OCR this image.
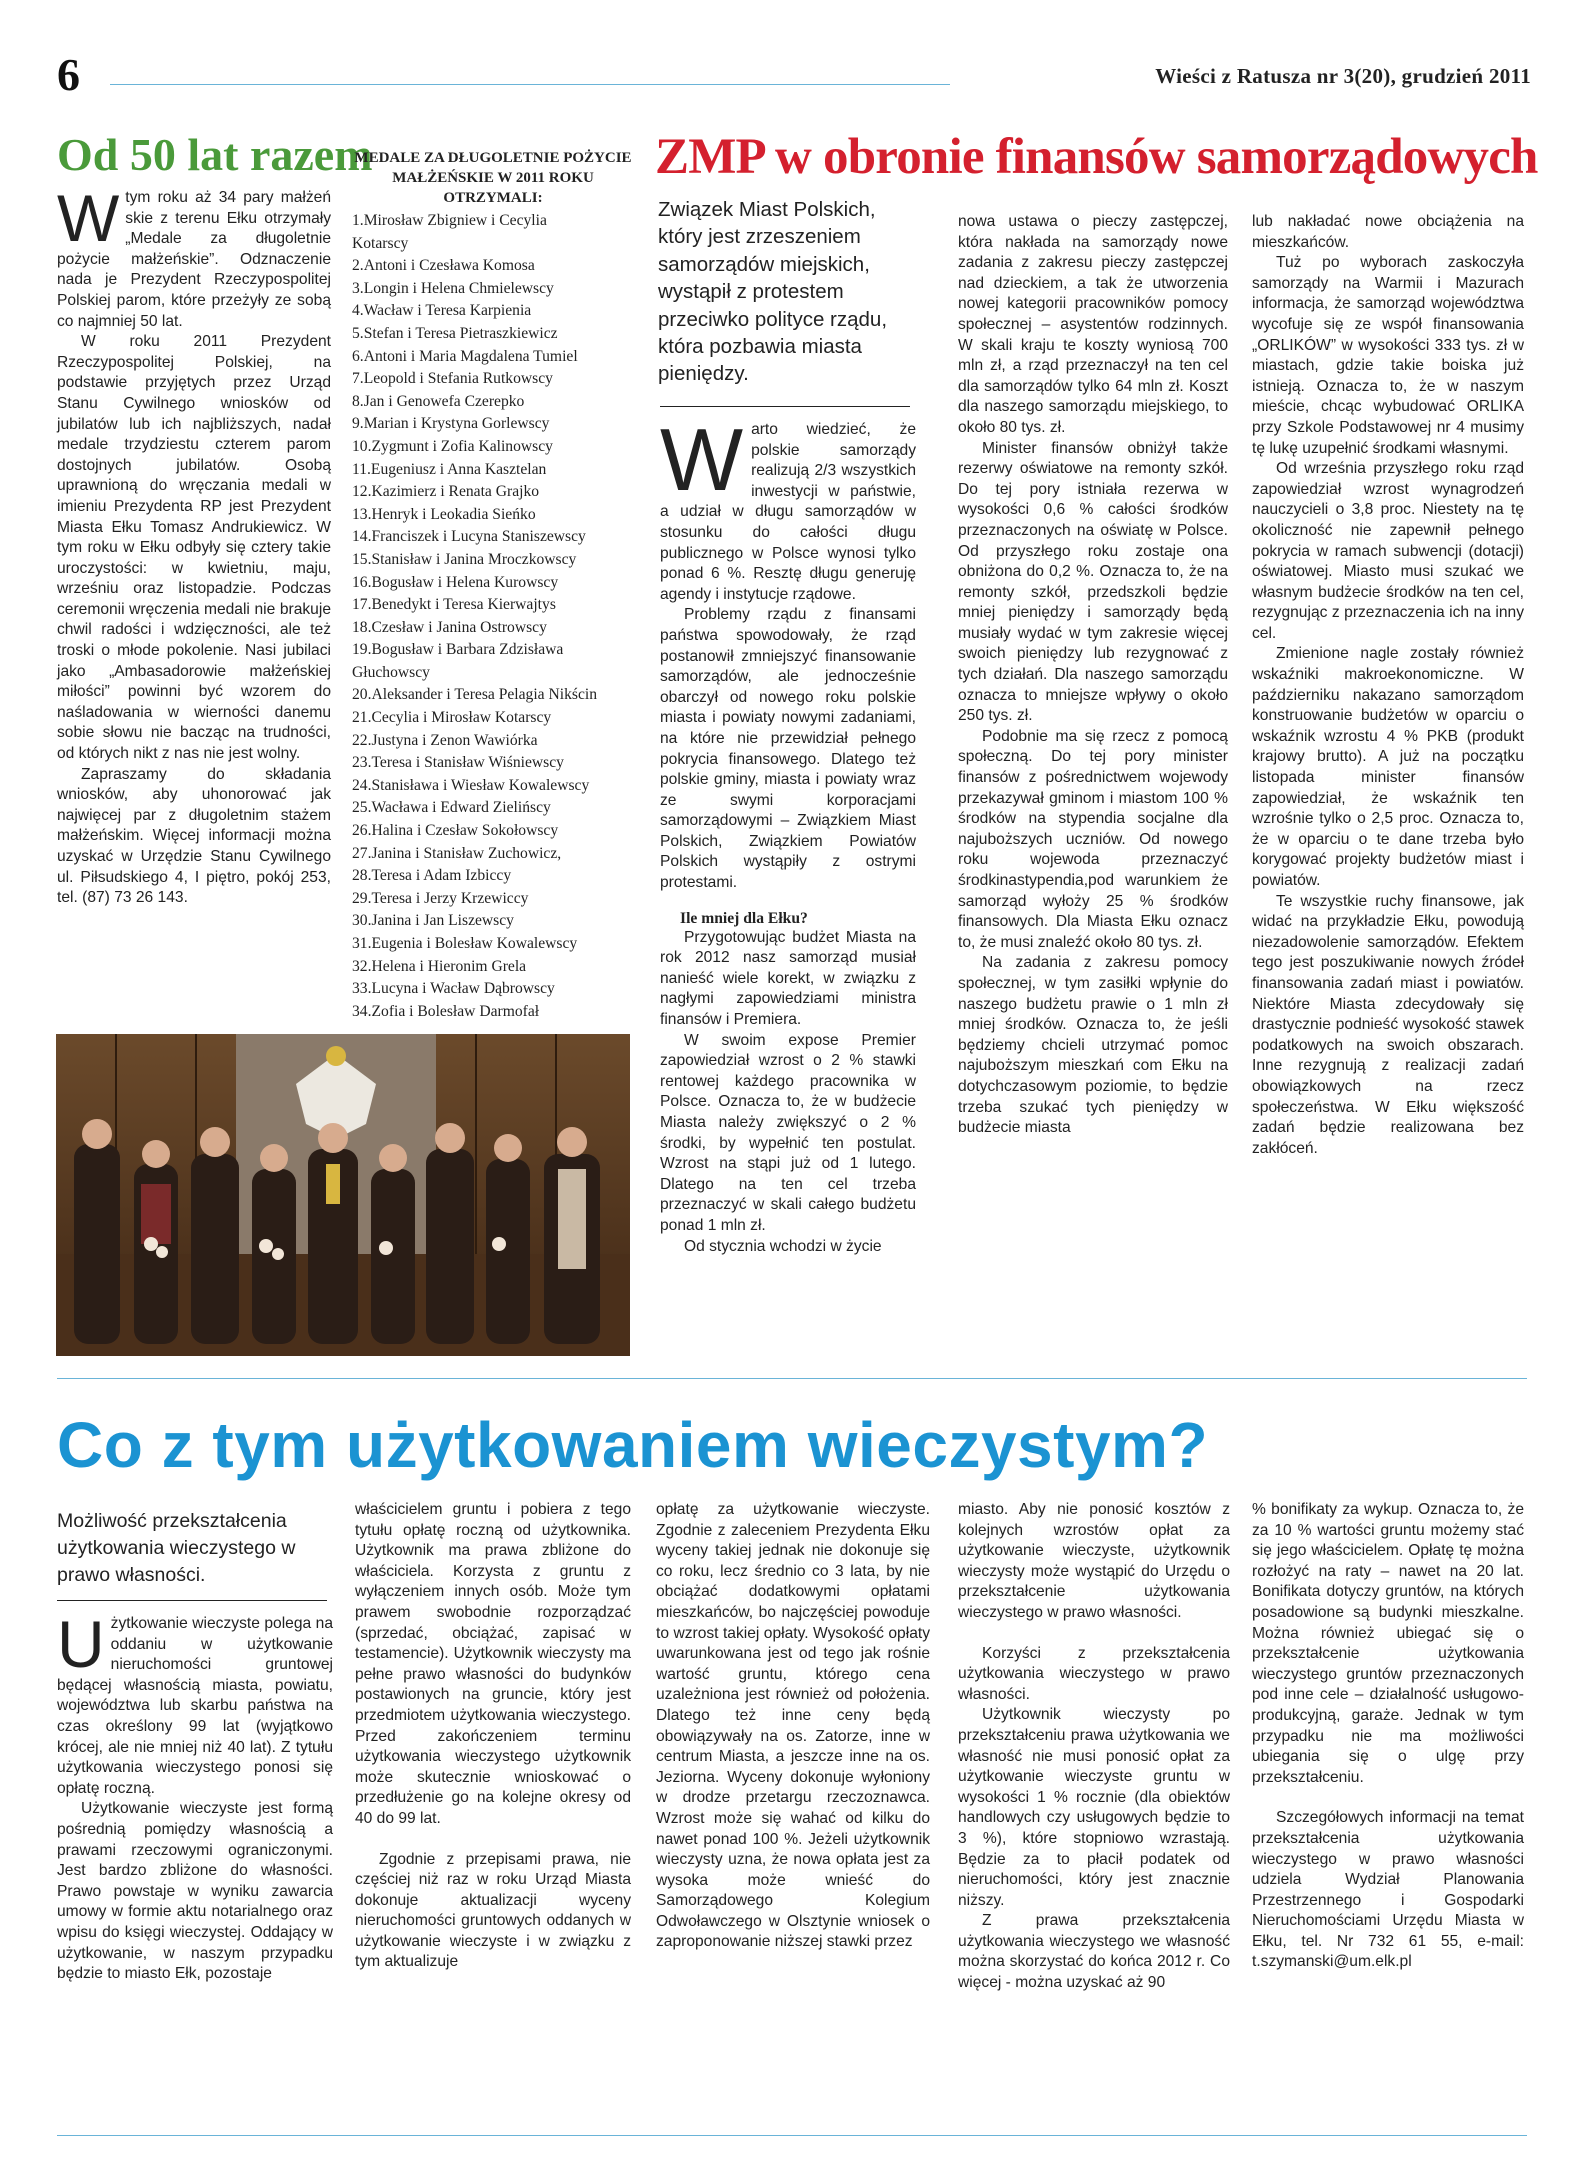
6	Wieści z Ratusza nr 3(20), grudzień 2011
Od 50 lat razem

Wtym roku aż 34 pary małżeń skie z terenu Ełku otrzymały „Medale za długoletnie pożycie małżeńskie”. Odznaczenie nada je Prezydent Rzeczypospolitej Polskiej parom, które przeżyły ze sobą co najmniej 50 lat.

W roku 2011 Prezydent Rzeczypospolitej Polskiej, na podstawie przyjętych przez Urząd Stanu Cywilnego wniosków od jubilatów lub ich najbliższych, nadał medale trzydziestu czterem parom dostojnych jubilatów. Osobą uprawnioną do wręczania medali w imieniu Prezydenta RP jest Prezydent Miasta Ełku Tomasz Andrukiewicz. W tym roku w Ełku odbyły się cztery takie uroczystości: w kwietniu, maju, wrześniu oraz listopadzie. Podczas ceremonii wręczenia medali nie brakuje chwil radości i wdzięczności, ale też troski o młode pokolenie. Nasi jubilaci jako „Ambasadorowie małżeńskiej miłości” powinni być wzorem do naśladowania w wierności danemu sobie słowu nie bacząc na trudności, od których nikt z nas nie jest wolny.

Zapraszamy do składania wniosków, aby uhonorować jak najwięcej par z długoletnim stażem małżeńskim. Więcej informacji można uzyskać w Urzędzie Stanu Cywilnego ul. Piłsudskiego 4, I piętro, pokój 253, tel. (87) 73 26 143.

MEDALE ZA DŁUGOLETNIE POŻYCIE MAŁŻEŃSKIE W 2011 ROKU OTRZYMALI:
1.Mirosław Zbigniew i Cecylia
Kotarscy
2.Antoni i Czesława Komosa
3.Longin i Helena Chmielewscy
4.Wacław i Teresa Karpienia
5.Stefan i Teresa Pietraszkiewicz
6.Antoni i Maria Magdalena Tumiel
7.Leopold i Stefania Rutkowscy
8.Jan i Genowefa Czerepko
9.Marian i Krystyna Gorlewscy
10.Zygmunt i Zofia Kalinowscy
11.Eugeniusz i Anna Kasztelan
12.Kazimierz i Renata Grajko
13.Henryk i Leokadia Sieńko
14.Franciszek i Lucyna Staniszewscy
15.Stanisław i Janina Mroczkowscy
16.Bogusław i Helena Kurowscy
17.Benedykt i Teresa Kierwajtys
18.Czesław i Janina Ostrowscy
19.Bogusław i Barbara Zdzisława
Głuchowscy
20.Aleksander i Teresa Pelagia Nikścin
21.Cecylia i Mirosław Kotarscy
22.Justyna i Zenon Wawiórka
23.Teresa i Stanisław Wiśniewscy
24.Stanisława i Wiesław Kowalewscy
25.Wacława i Edward Zielińscy
26.Halina i Czesław Sokołowscy
27.Janina i Stanisław Zuchowicz,
28.Teresa i Adam Izbiccy
29.Teresa i Jerzy Krzewiccy
30.Janina i Jan Liszewscy
31.Eugenia i Bolesław Kowalewscy
32.Helena i Hieronim Grela
33.Lucyna i Wacław Dąbrowscy
34.Zofia i Bolesław Darmofał
ZMP w obronie finansów samorządowych
Związek Miast Polskich, który jest zrzeszeniem samorządów miejskich, wystąpił z protestem przeciwko polityce rządu, która pozbawia miasta pieniędzy.

Warto wiedzieć, że polskie samorządy realizują 2/3 wszystkich inwestycji w państwie, a udział w długu samorządów w stosunku do całości długu publicznego w Polsce wynosi tylko ponad 6 %. Resztę długu generuję agendy i instytucje rządowe.

Problemy rządu z finansami państwa spowodowały, że rząd postanowił zmniejszyć finansowanie samorządów, ale jednocześnie obarczył od nowego roku polskie miasta i powiaty nowymi zadaniami, na które nie przewidział pełnego pokrycia finansowego. Dlatego też polskie gminy, miasta i powiaty wraz ze swymi korporacjami samorządowymi – Związkiem Miast Polskich, Związkiem Powiatów Polskich wystąpiły z ostrymi protestami.

Ile mniej dla Ełku?

Przygotowując budżet Miasta na rok 2012 nasz samorząd musiał nanieść wiele korekt, w związku z nagłymi zapowiedziami ministra finansów i Premiera.

W swoim expose Premier zapowiedział wzrost o 2 % stawki rentowej każdego pracownika w Polsce. Oznacza to, że w budżecie Miasta należy zwiększyć o 2 % środki, by wypełnić ten postulat. Wzrost na stąpi już od 1 lutego. Dlatego na ten cel trzeba przeznaczyć w skali całego budżetu ponad 1 mln zł.

Od stycznia wchodzi w życie

nowa ustawa o pieczy zastępczej, która nakłada na samorządy nowe zadania z zakresu pieczy zastępczej nad dzieckiem, a tak że utworzenia nowej kategorii pracowników pomocy społecznej – asystentów rodzinnych. W skali kraju te koszty wyniosą 700 mln zł, a rząd przeznaczył na ten cel dla samorządów tylko 64 mln zł. Koszt dla naszego samorządu miejskiego, to około 80 tys. zł.

Minister finansów obniżył także rezerwy oświatowe na remonty szkół. Do tej pory istniała rezerwa w wysokości 0,6 % całości środków przeznaczonych na oświatę w Polsce. Od przyszłego roku zostaje ona obniżona do 0,2 %. Oznacza to, że na remonty szkół, przedszkoli będzie mniej pieniędzy i samorządy będą musiały wydać w tym zakresie więcej swoich pieniędzy lub rezygnować z tych działań. Dla naszego samorządu oznacza to mniejsze wpływy o około 250 tys. zł.

Podobnie ma się rzecz z pomocą społeczną. Do tej pory minister finansów z pośrednictwem wojewody przekazywał gminom i miastom 100 % środków na stypendia socjalne dla najuboższych uczniów. Od nowego roku wojewoda przeznaczyć środkinastypendia,pod warunkiem że samorząd wyłoży 25 % środków finansowych. Dla Miasta Ełku oznacz to, że musi znaleźć około 80 tys. zł.

Na zadania z zakresu pomocy społecznej, w tym zasiłki wpłynie do naszego budżetu prawie o 1 mln zł mniej środków. Oznacza to, że jeśli będziemy chcieli utrzymać pomoc najuboższym mieszkań com Ełku na dotychczasowym poziomie, to będzie trzeba szukać tych pieniędzy w budżecie miasta

lub nakładać nowe obciążenia na mieszkańców.

Tuż po wyborach zaskoczyła samorządy na Warmii i Mazurach informacja, że samorząd województwa wycofuje się ze współ finansowania „ORLIKÓW” w wysokości 333 tys. zł w miastach, gdzie takie boiska już istnieją. Oznacza to, że w naszym mieście, chcąc wybudować ORLIKA przy Szkole Podstawowej nr 4 musimy tę lukę uzupełnić środkami własnymi.

Od września przyszłego roku rząd zapowiedział wzrost wynagrodzeń nauczycieli o 3,8 proc. Niestety na tę okoliczność nie zapewnił pełnego pokrycia w ramach subwencji (dotacji) oświatowej. Miasto musi szukać we własnym budżecie środków na ten cel, rezygnując z przeznaczenia ich na inny cel.

Zmienione nagle zostały również wskaźniki makroekonomiczne. W październiku nakazano samorządom konstruowanie budżetów w oparciu o wskaźnik wzrostu 4 % PKB (produkt krajowy brutto). A już na początku listopada minister finansów zapowiedział, że wskaźnik ten wzrośnie tylko o 2,5 proc. Oznacza to, że w oparciu o te dane trzeba było korygować projekty budżetów miast i powiatów.

Te wszystkie ruchy finansowe, jak widać na przykładzie Ełku, powodują niezadowolenie samorządów. Efektem tego jest poszukiwanie nowych źródeł finansowania zadań miast i powiatów. Niektóre Miasta zdecydowały się drastycznie podnieść wysokość stawek podatkowych na swoich obszarach. Inne rezygnują z realizacji zadań obowiązkowych na rzecz społeczeństwa. W Ełku większość zadań będzie realizowana bez zakłóceń.

Co z tym użytkowaniem wieczystym?
Możliwość przekształcenia użytkowania wieczystego w prawo własności.

Użytkowanie wieczyste polega na oddaniu w użytkowanie nieruchomości gruntowej będącej własnością miasta, powiatu, województwa lub skarbu państwa na czas określony 99 lat (wyjątkowo krócej, ale nie mniej niż 40 lat). Z tytułu użytkowania wieczystego ponosi się opłatę roczną.

Użytkowanie wieczyste jest formą pośrednią pomiędzy własnością a prawami rzeczowymi ograniczonymi. Jest bardzo zbliżone do własności. Prawo powstaje w wyniku zawarcia umowy w formie aktu notarialnego oraz wpisu do księgi wieczystej. Oddający w użytkowanie, w naszym przypadku będzie to miasto Ełk, pozostaje

właścicielem gruntu i pobiera z tego tytułu opłatę roczną od użytkownika. Użytkownik ma prawa zbliżone do właściciela. Korzysta z gruntu z wyłączeniem innych osób. Może tym prawem swobodnie rozporządzać (sprzedać, obciążać, zapisać w testamencie). Użytkownik wieczysty ma pełne prawo własności do budynków postawionych na gruncie, który jest przedmiotem użytkowania wieczystego. Przed zakończeniem terminu użytkowania wieczystego użytkownik może skutecznie wnioskować o przedłużenie go na kolejne okresy od 40 do 99 lat.

Zgodnie z przepisami prawa, nie częściej niż raz w roku Urząd Miasta dokonuje aktualizacji wyceny nieruchomości gruntowych oddanych w użytkowanie wieczyste i w związku z tym aktualizuje

opłatę za użytkowanie wieczyste. Zgodnie z zaleceniem Prezydenta Ełku wyceny takiej jednak nie dokonuje się co roku, lecz średnio co 3 lata, by nie obciążać dodatkowymi opłatami mieszkańców, bo najczęściej powoduje to wzrost takiej opłaty. Wysokość opłaty uwarunkowana jest od tego jak rośnie wartość gruntu, którego cena uzależniona jest również od położenia. Dlatego też inne ceny będą obowiązywały na os. Zatorze, inne w centrum Miasta, a jeszcze inne na os. Jeziorna. Wyceny dokonuje wyłoniony w drodze przetargu rzeczoznawca. Wzrost może się wahać od kilku do nawet ponad 100 %. Jeżeli użytkownik wieczysty uzna, że nowa opłata jest za wysoka może wnieść do Samorządowego Kolegium Odwoławczego w Olsztynie wniosek o zaproponowanie niższej stawki przez

miasto. Aby nie ponosić kosztów z kolejnych wzrostów opłat za użytkowanie wieczyste, użytkownik wieczysty może wystąpić do Urzędu o przekształcenie użytkowania wieczystego w prawo własności.

Korzyści z przekształcenia użytkowania wieczystego w prawo własności.

Użytkownik wieczysty po przekształceniu prawa użytkowania we własność nie musi ponosić opłat za użytkowanie wieczyste gruntu w wysokości 1 % rocznie (dla obiektów handlowych czy usługowych będzie to 3 %), które stopniowo wzrastają. Będzie za to płacił podatek od nieruchomości, który jest znacznie niższy.

Z prawa przekształcenia użytkowania wieczystego we własność można skorzystać do końca 2012 r. Co więcej - można uzyskać aż 90

% bonifikaty za wykup. Oznacza to, że za 10 % wartości gruntu możemy stać się jego właścicielem. Opłatę tę można rozłożyć na raty – nawet na 20 lat. Bonifikata dotyczy gruntów, na których posadowione są budynki mieszkalne. Można również ubiegać się o przekształcenie użytkowania wieczystego gruntów przeznaczonych pod inne cele – działalność usługowo-produkcyjną, garaże. Jednak w tym przypadku nie ma możliwości ubiegania się o ulgę przy przekształceniu.

Szczegółowych informacji na temat przekształcenia użytkowania wieczystego w prawo własności udziela Wydział Planowania Przestrzennego i Gospodarki Nieruchomościami Urzędu Miasta w Ełku, tel. Nr 732 61 55, e-mail: t.szymanski@um.elk.pl
